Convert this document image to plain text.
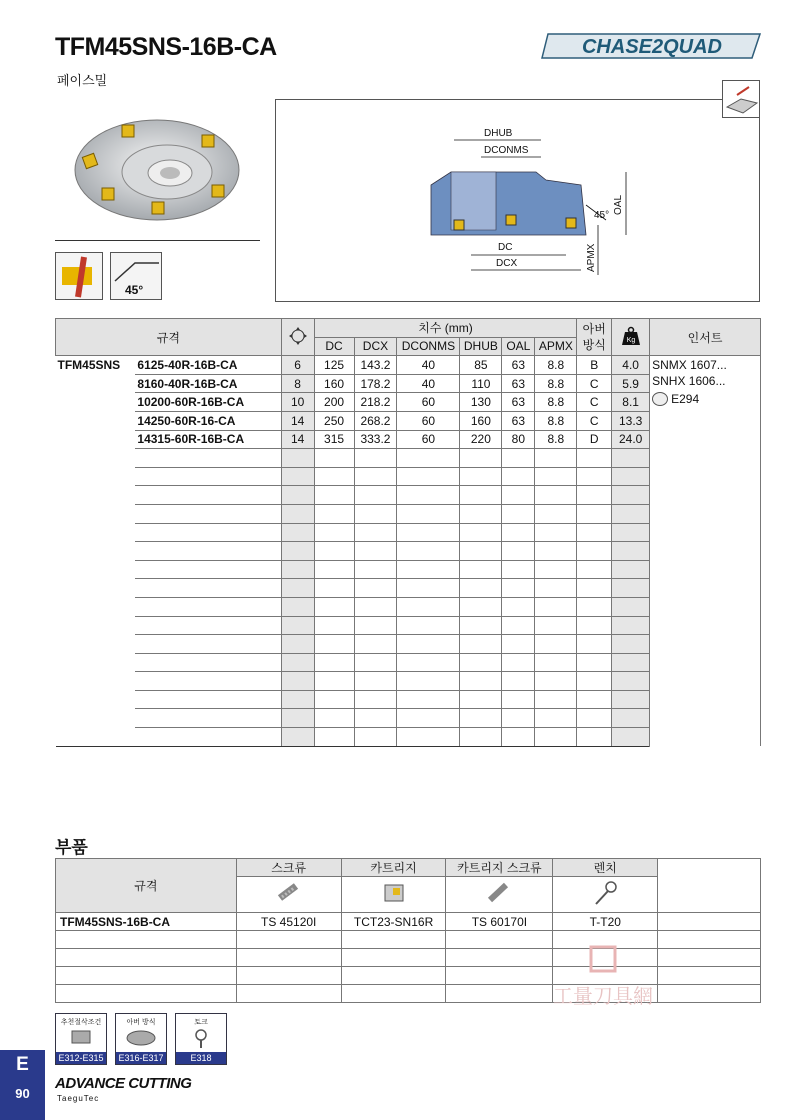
TFM45SNS-16B-CA
페이스밀
CHASE2QUAD
45°
DHUB
DCONMS
45°
OAL
DC
DCX	APMX
규격			치수 (mm)						아버 방식	Kg	인서트
			DC	DCX	DCONMS	DHUB	OAL	APMX			
TFM45SNS	6125-40R-16B-CA	6	125	143.2	40	85	63	8.8	B	4.0	SNMX 1607...
SNHX 1606...
E294

	8160-40R-16B-CA	8	160	178.2	40	110	63	8.8	C	5.9	
	10200-60R-16B-CA	10	200	218.2	60	130	63	8.8	C	8.1	
	14250-60R-16-CA	14	250	268.2	60	160	63	8.8	C	13.3	
	14315-60R-16B-CA	14	315	333.2	60	220	80	8.8	D	24.0	

부품
규격	스크류	카트리지	카트리지 스크류	렌치	

TFM45SNS-16B-CA	TS 45120I	TCT23-SN16R	TS 60170I	T-T20	

工量刀具網
추천절삭조건
E312-E315
아버 방식
E316-E317
토크
E318
E
90
ADVANCE CUTTING
TaeguTec
